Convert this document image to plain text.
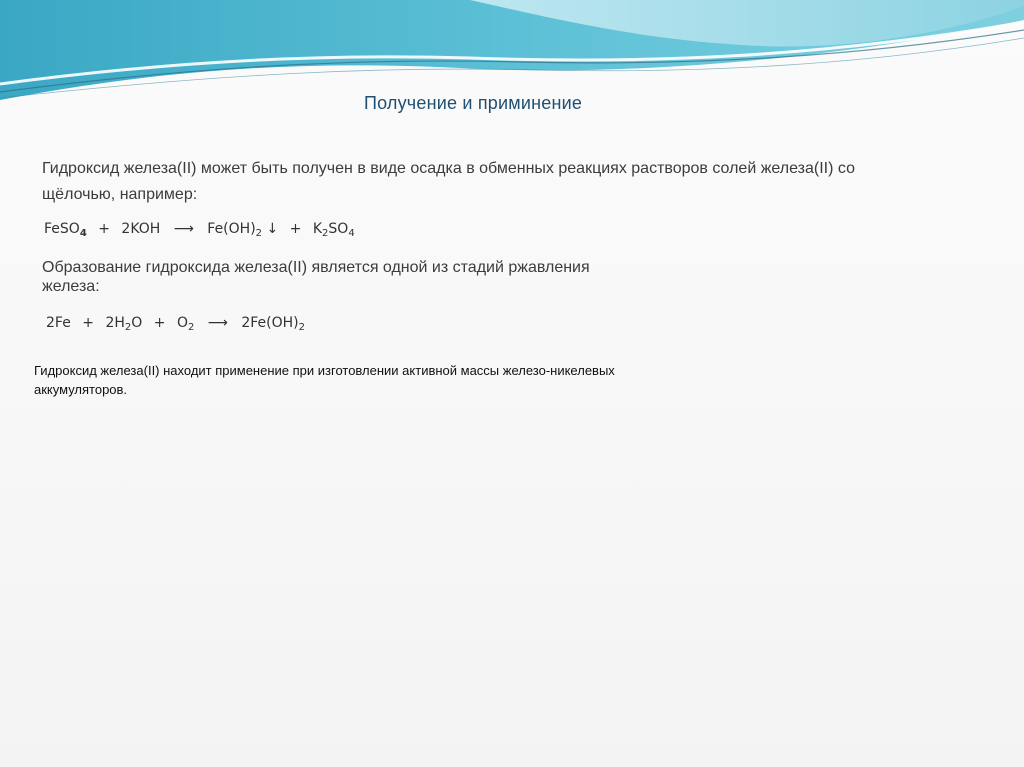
Получение и приминение
Гидроксид железа(II) может быть получен в виде осадка в обменных реакциях растворов солей железа(II) со щёлочью, например:
FeSO$_4$ + 2KOH ⟶ $Fe(OH)_2$ ↓ + $K_2SO_4$
Образование гидроксида железа(II) является одной из стадий ржавления железа:
$2Fe + 2H_2O + O_2$ ⟶ $2Fe(OH)_2$
Гидроксид железа(II) находит применение при изготовлении активной массы железо-никелевых аккумуляторов.
